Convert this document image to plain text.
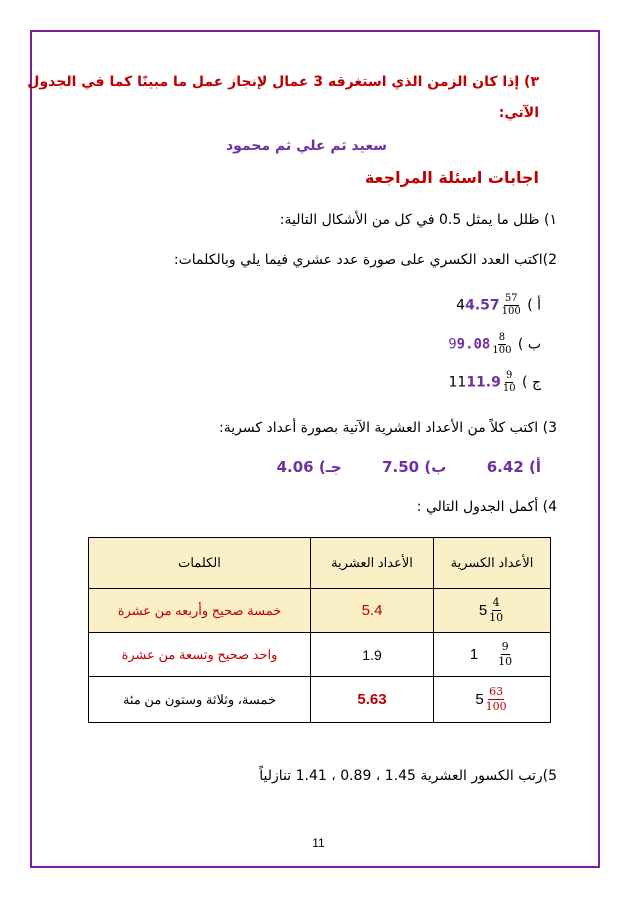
٣) إذا كان الزمن الذي استغرقه 3 عمال لإنجاز عمل ما مبينًا كما في الجدول
الآتي:
سعيد ثم علي ثم محمود
اجابات اسئلة المراجعة
١) ظلل ما يمثل 0.5 في كل من الأشكال التالية:
2)اكتب العدد الكسري على صورة عدد عشري فيما يلي وبالكلمات:
أ ) $44.57 \frac{57}{100}$
ب ) $99.08 \frac{8}{100}$
ج ) $1111.9 \frac{9}{10}$
3) اكتب كلاً من الأعداد العشرية الآتية بصورة أعداد كسرية:
أ) 6.42  ب) 7.50  جـ) 4.06
4) أكمل الجدول التالي :
الأعداد الكسرية	الأعداد العشرية	الكلمات

$5 \frac{4}{10}$	5.4	خمسة صحيح وأربعه من عشرة

$1 \frac{9}{10}$	1.9	واحد صحيح وتسعة من عشرة

$5 \frac{63}{100}$	5.63	خمسة، وثلاثة وستون من مئة
5)رتب الكسور العشرية 1.45 ، 0.89 ، 1.41 تنازلياً
11
